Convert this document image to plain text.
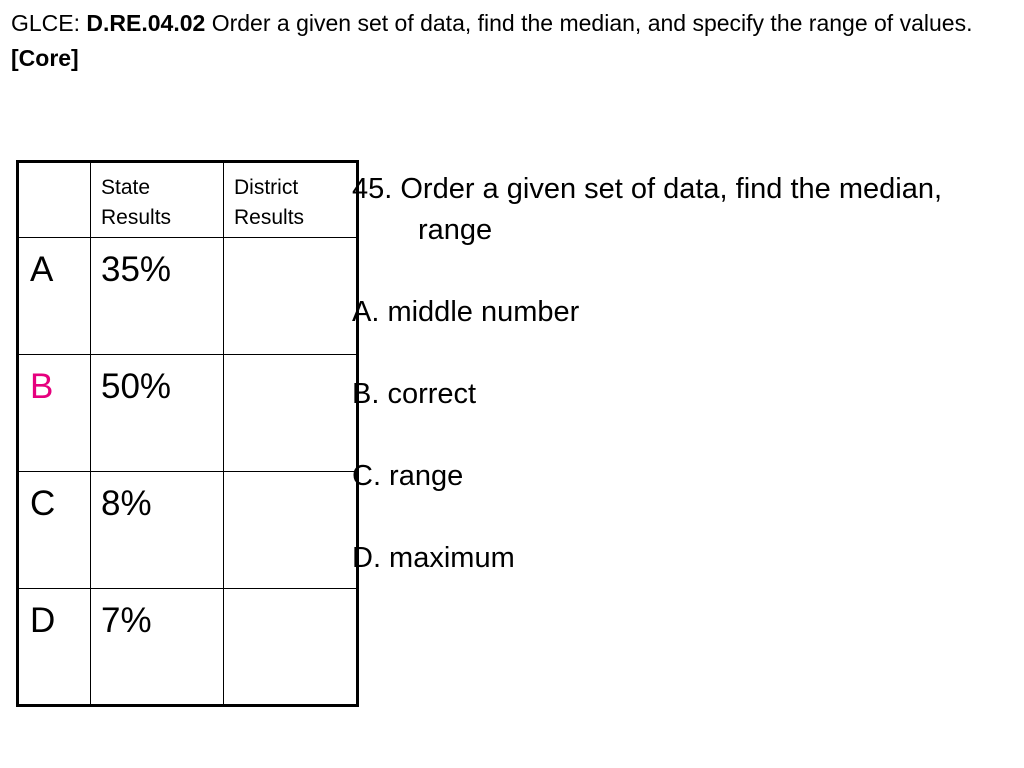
GLCE: D.RE.04.02 Order a given set of data, find the median, and specify the range of values. [Core]
	State Results	District Results
A	35%	
B	50%	
C	8%	
D	7%	

45. Order a given set of data, find the median, range

A. middle number

B. correct

C. range

D. maximum
